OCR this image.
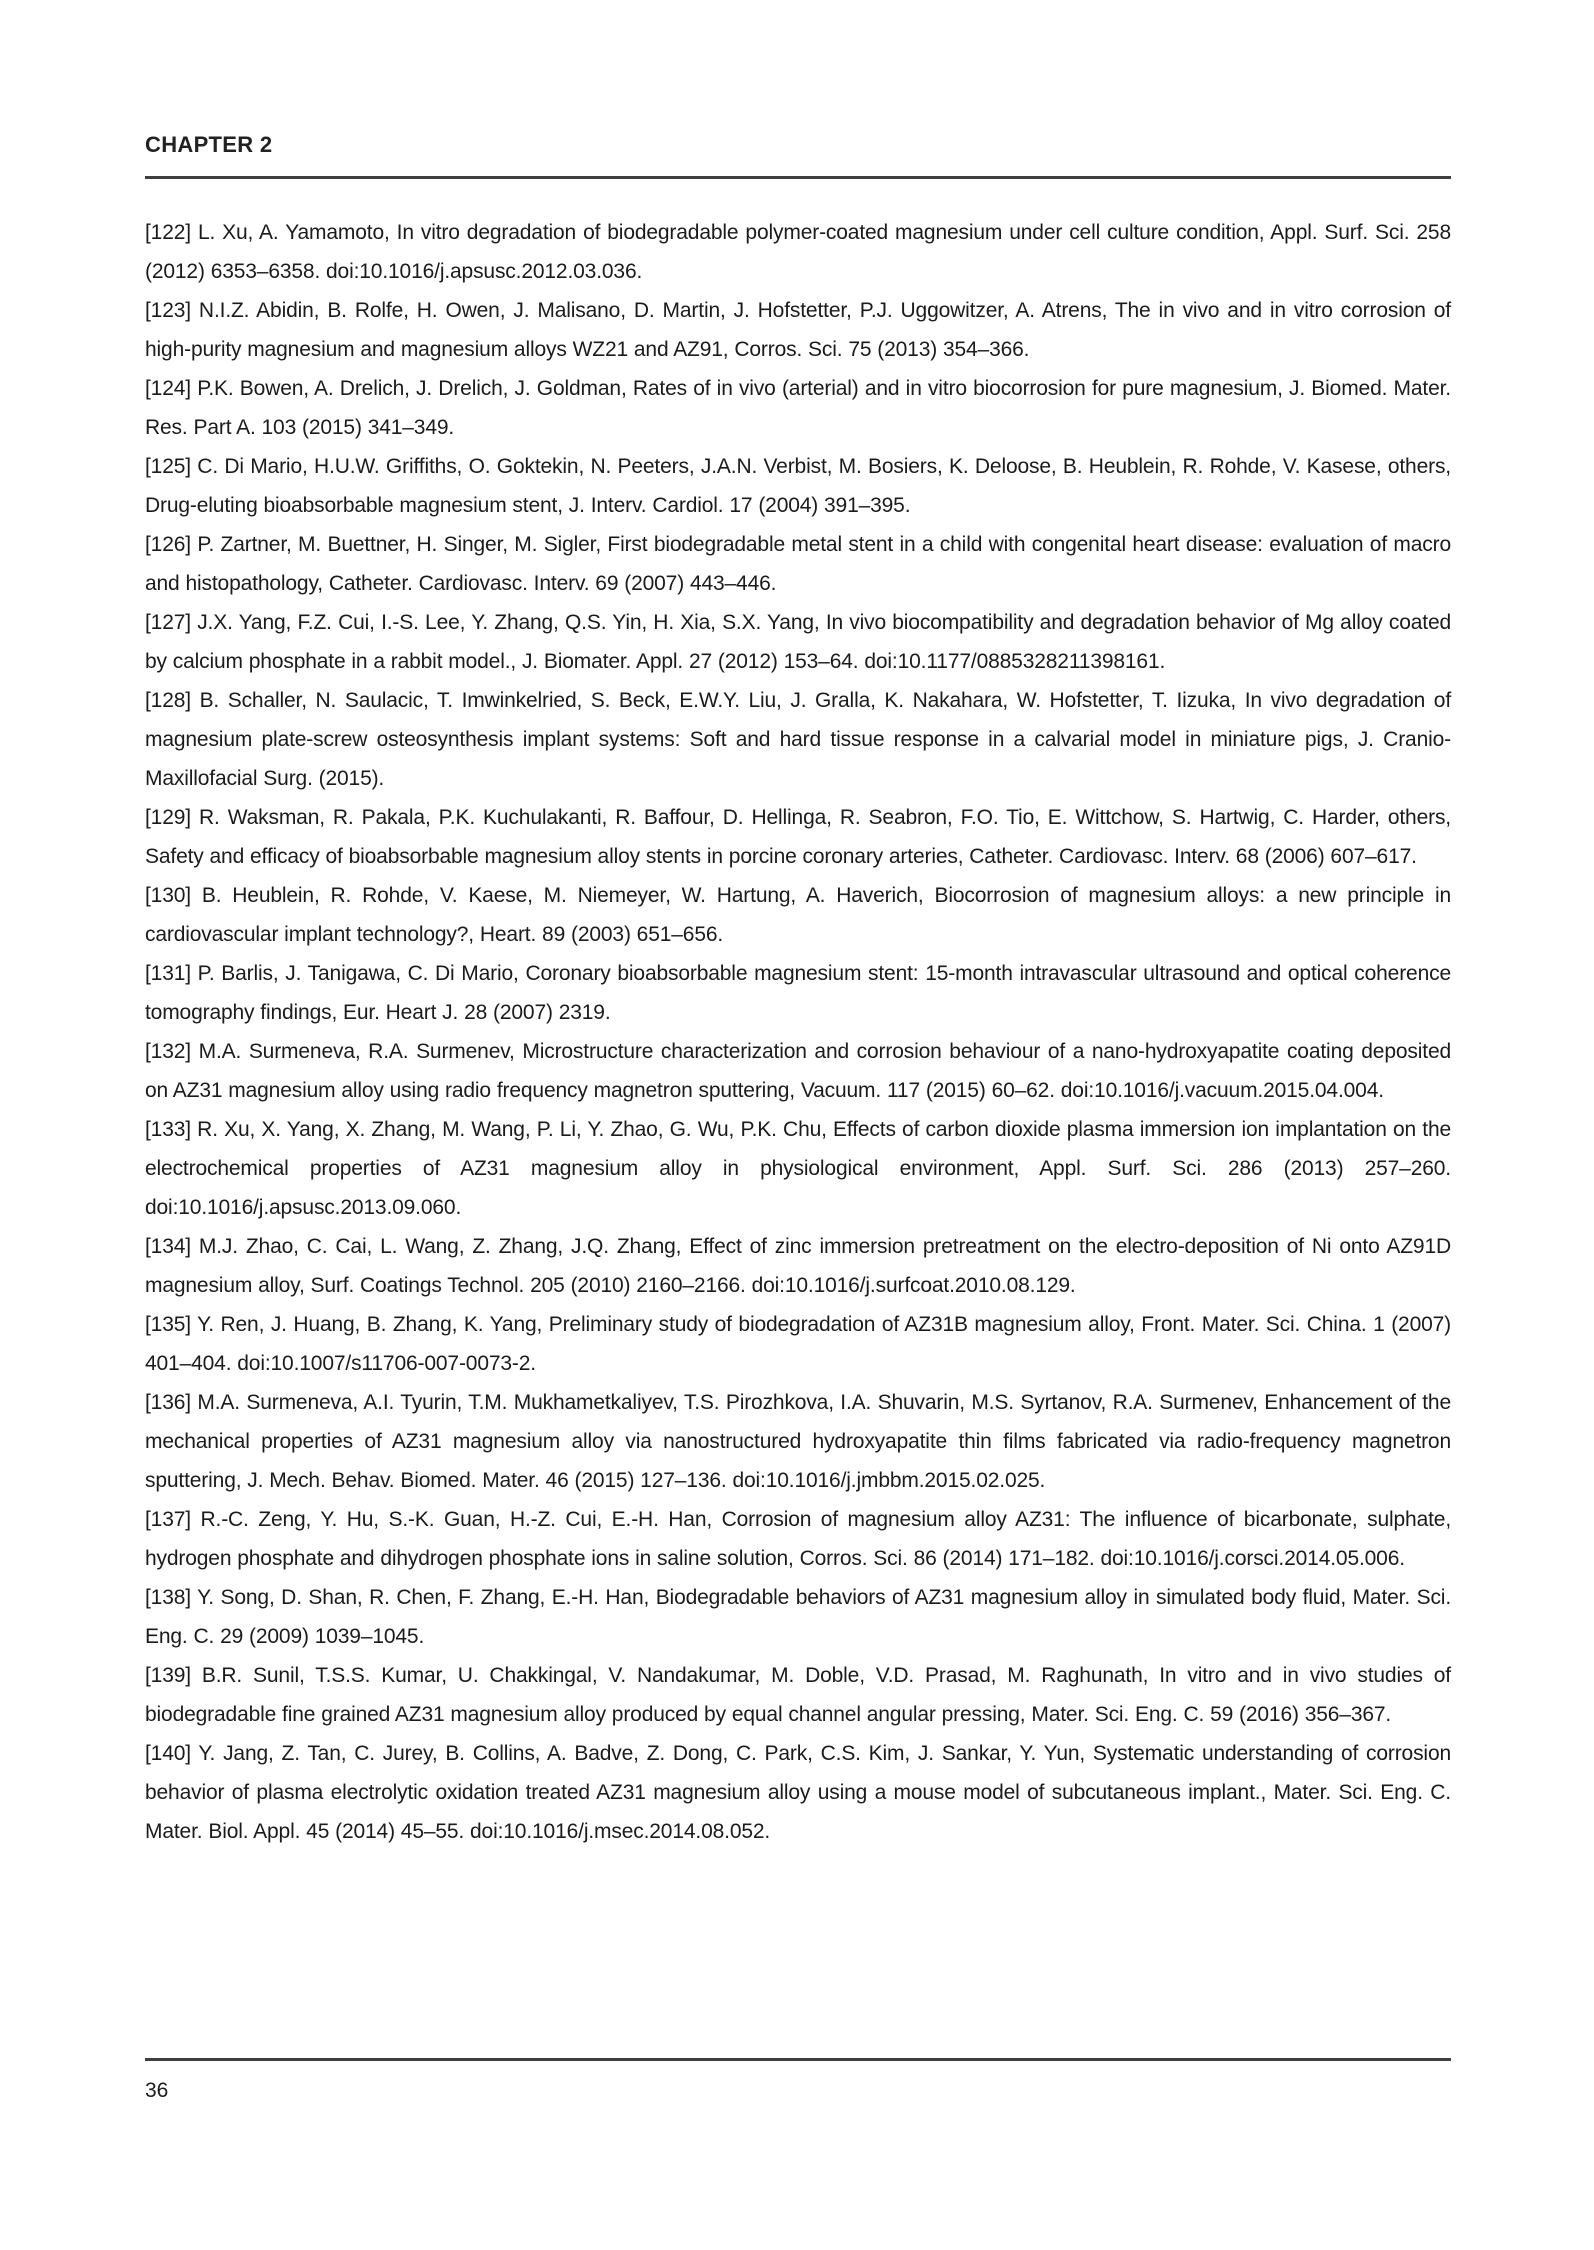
CHAPTER 2

[122] L. Xu, A. Yamamoto, In vitro degradation of biodegradable polymer-coated magnesium under cell culture condition, Appl. Surf. Sci. 258 (2012) 6353–6358. doi:10.1016/j.apsusc.2012.03.036.

[123] N.I.Z. Abidin, B. Rolfe, H. Owen, J. Malisano, D. Martin, J. Hofstetter, P.J. Uggowitzer, A. Atrens, The in vivo and in vitro corrosion of high-purity magnesium and magnesium alloys WZ21 and AZ91, Corros. Sci. 75 (2013) 354–366.

[124] P.K. Bowen, A. Drelich, J. Drelich, J. Goldman, Rates of in vivo (arterial) and in vitro biocorrosion for pure magnesium, J. Biomed. Mater. Res. Part A. 103 (2015) 341–349.

[125] C. Di Mario, H.U.W. Griffiths, O. Goktekin, N. Peeters, J.A.N. Verbist, M. Bosiers, K. Deloose, B. Heublein, R. Rohde, V. Kasese, others, Drug-eluting bioabsorbable magnesium stent, J. Interv. Cardiol. 17 (2004) 391–395.

[126] P. Zartner, M. Buettner, H. Singer, M. Sigler, First biodegradable metal stent in a child with congenital heart disease: evaluation of macro and histopathology, Catheter. Cardiovasc. Interv. 69 (2007) 443–446.

[127] J.X. Yang, F.Z. Cui, I.-S. Lee, Y. Zhang, Q.S. Yin, H. Xia, S.X. Yang, In vivo biocompatibility and degradation behavior of Mg alloy coated by calcium phosphate in a rabbit model., J. Biomater. Appl. 27 (2012) 153–64. doi:10.1177/0885328211398161.

[128] B. Schaller, N. Saulacic, T. Imwinkelried, S. Beck, E.W.Y. Liu, J. Gralla, K. Nakahara, W. Hofstetter, T. Iizuka, In vivo degradation of magnesium plate-screw osteosynthesis implant systems: Soft and hard tissue response in a calvarial model in miniature pigs, J. Cranio-Maxillofacial Surg. (2015).

[129] R. Waksman, R. Pakala, P.K. Kuchulakanti, R. Baffour, D. Hellinga, R. Seabron, F.O. Tio, E. Wittchow, S. Hartwig, C. Harder, others, Safety and efficacy of bioabsorbable magnesium alloy stents in porcine coronary arteries, Catheter. Cardiovasc. Interv. 68 (2006) 607–617.

[130] B. Heublein, R. Rohde, V. Kaese, M. Niemeyer, W. Hartung, A. Haverich, Biocorrosion of magnesium alloys: a new principle in cardiovascular implant technology?, Heart. 89 (2003) 651–656.

[131] P. Barlis, J. Tanigawa, C. Di Mario, Coronary bioabsorbable magnesium stent: 15-month intravascular ultrasound and optical coherence tomography findings, Eur. Heart J. 28 (2007) 2319.

[132] M.A. Surmeneva, R.A. Surmenev, Microstructure characterization and corrosion behaviour of a nano-hydroxyapatite coating deposited on AZ31 magnesium alloy using radio frequency magnetron sputtering, Vacuum. 117 (2015) 60–62. doi:10.1016/j.vacuum.2015.04.004.

[133] R. Xu, X. Yang, X. Zhang, M. Wang, P. Li, Y. Zhao, G. Wu, P.K. Chu, Effects of carbon dioxide plasma immersion ion implantation on the electrochemical properties of AZ31 magnesium alloy in physiological environment, Appl. Surf. Sci. 286 (2013) 257–260. doi:10.1016/j.apsusc.2013.09.060.

[134] M.J. Zhao, C. Cai, L. Wang, Z. Zhang, J.Q. Zhang, Effect of zinc immersion pretreatment on the electro-deposition of Ni onto AZ91D magnesium alloy, Surf. Coatings Technol. 205 (2010) 2160–2166. doi:10.1016/j.surfcoat.2010.08.129.

[135] Y. Ren, J. Huang, B. Zhang, K. Yang, Preliminary study of biodegradation of AZ31B magnesium alloy, Front. Mater. Sci. China. 1 (2007) 401–404. doi:10.1007/s11706-007-0073-2.

[136] M.A. Surmeneva, A.I. Tyurin, T.M. Mukhametkaliyev, T.S. Pirozhkova, I.A. Shuvarin, M.S. Syrtanov, R.A. Surmenev, Enhancement of the mechanical properties of AZ31 magnesium alloy via nanostructured hydroxyapatite thin films fabricated via radio-frequency magnetron sputtering, J. Mech. Behav. Biomed. Mater. 46 (2015) 127–136. doi:10.1016/j.jmbbm.2015.02.025.

[137] R.-C. Zeng, Y. Hu, S.-K. Guan, H.-Z. Cui, E.-H. Han, Corrosion of magnesium alloy AZ31: The influence of bicarbonate, sulphate, hydrogen phosphate and dihydrogen phosphate ions in saline solution, Corros. Sci. 86 (2014) 171–182. doi:10.1016/j.corsci.2014.05.006.

[138] Y. Song, D. Shan, R. Chen, F. Zhang, E.-H. Han, Biodegradable behaviors of AZ31 magnesium alloy in simulated body fluid, Mater. Sci. Eng. C. 29 (2009) 1039–1045.

[139] B.R. Sunil, T.S.S. Kumar, U. Chakkingal, V. Nandakumar, M. Doble, V.D. Prasad, M. Raghunath, In vitro and in vivo studies of biodegradable fine grained AZ31 magnesium alloy produced by equal channel angular pressing, Mater. Sci. Eng. C. 59 (2016) 356–367.

[140] Y. Jang, Z. Tan, C. Jurey, B. Collins, A. Badve, Z. Dong, C. Park, C.S. Kim, J. Sankar, Y. Yun, Systematic understanding of corrosion behavior of plasma electrolytic oxidation treated AZ31 magnesium alloy using a mouse model of subcutaneous implant., Mater. Sci. Eng. C. Mater. Biol. Appl. 45 (2014) 45–55. doi:10.1016/j.msec.2014.08.052.

36
